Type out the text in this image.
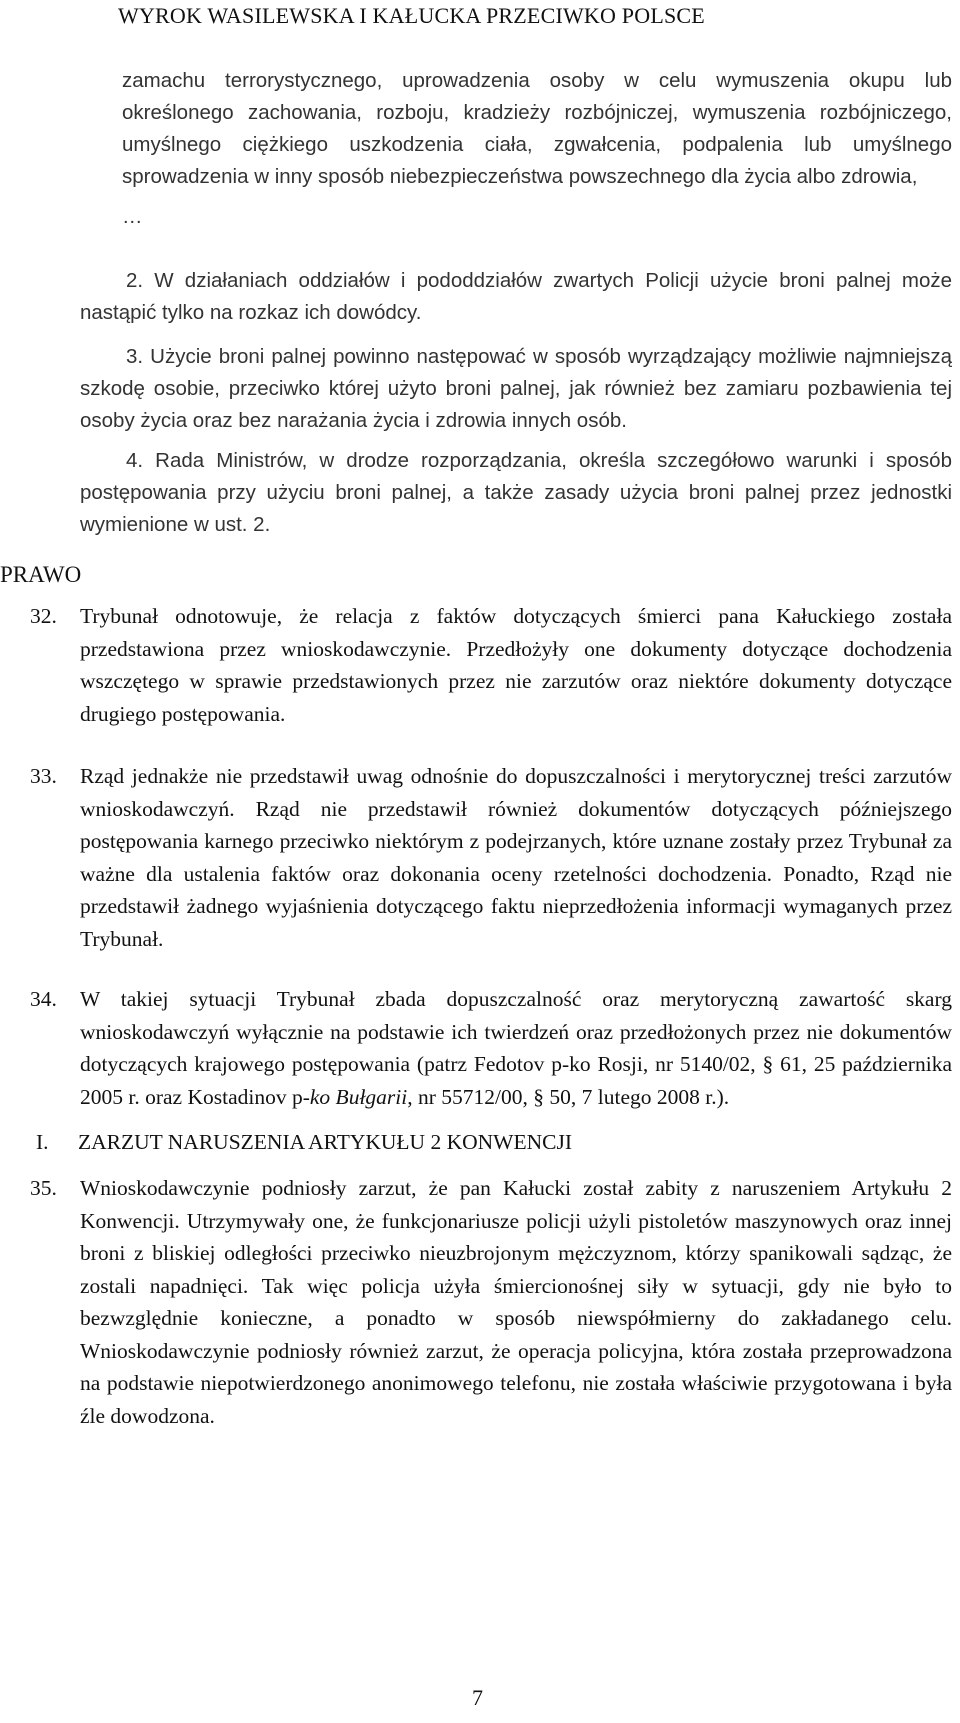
WYROK WASILEWSKA I KAŁUCKA PRZECIWKO POLSCE

zamachu terrorystycznego, uprowadzenia osoby w celu wymuszenia okupu lub określonego zachowania, rozboju, kradzieży rozbójniczej, wymuszenia rozbójniczego, umyślnego ciężkiego uszkodzenia ciała, zgwałcenia, podpalenia lub umyślnego sprowadzenia w inny sposób niebezpieczeństwa powszechnego dla życia albo zdrowia,

…

2. W działaniach oddziałów i pododdziałów zwartych Policji użycie broni palnej może nastąpić tylko na rozkaz ich dowódcy.

3. Użycie broni palnej powinno następować w sposób wyrządzający możliwie najmniejszą szkodę osobie, przeciwko której użyto broni palnej, jak również bez zamiaru pozbawienia tej osoby życia oraz bez narażania życia i zdrowia innych osób.

4. Rada Ministrów, w drodze rozporządzania, określa szczegółowo warunki i sposób postępowania przy użyciu broni palnej, a także zasady użycia broni palnej przez jednostki wymienione w ust. 2.

PRAWO
32. Trybunał odnotowuje, że relacja z faktów dotyczących śmierci pana Kałuckiego została przedstawiona przez wnioskodawczynie. Przedłożyły one dokumenty dotyczące dochodzenia wszczętego w sprawie przedstawionych przez nie zarzutów oraz niektóre dokumenty dotyczące drugiego postępowania.
33. Rząd jednakże nie przedstawił uwag odnośnie do dopuszczalności i merytorycznej treści zarzutów wnioskodawczyń. Rząd nie przedstawił również dokumentów dotyczących późniejszego postępowania karnego przeciwko niektórym z podejrzanych, które uznane zostały przez Trybunał za ważne dla ustalenia faktów oraz dokonania oceny rzetelności dochodzenia. Ponadto, Rząd nie przedstawił żadnego wyjaśnienia dotyczącego faktu nieprzedłożenia informacji wymaganych przez Trybunał.
34. W takiej sytuacji Trybunał zbada dopuszczalność oraz merytoryczną zawartość skarg wnioskodawczyń wyłącznie na podstawie ich twierdzeń oraz przedłożonych przez nie dokumentów dotyczących krajowego postępowania (patrz Fedotov p-ko Rosji, nr 5140/02, § 61, 25 października 2005 r. oraz Kostadinov p-ko Bułgarii, nr 55712/00, § 50, 7 lutego 2008 r.).
I. ZARZUT NARUSZENIA ARTYKUŁU 2 KONWENCJI
35. Wnioskodawczynie podniosły zarzut, że pan Kałucki został zabity z naruszeniem Artykułu 2 Konwencji. Utrzymywały one, że funkcjonariusze policji użyli pistoletów maszynowych oraz innej broni z bliskiej odległości przeciwko nieuzbrojonym mężczyznom, którzy spanikowali sądząc, że zostali napadnięci. Tak więc policja użyła śmiercionośnej siły w sytuacji, gdy nie było to bezwzględnie konieczne, a ponadto w sposób niewspółmierny do zakładanego celu. Wnioskodawczynie podniosły również zarzut, że operacja policyjna, która została przeprowadzona na podstawie niepotwierdzonego anonimowego telefonu, nie została właściwie przygotowana i była źle dowodzona.
7
